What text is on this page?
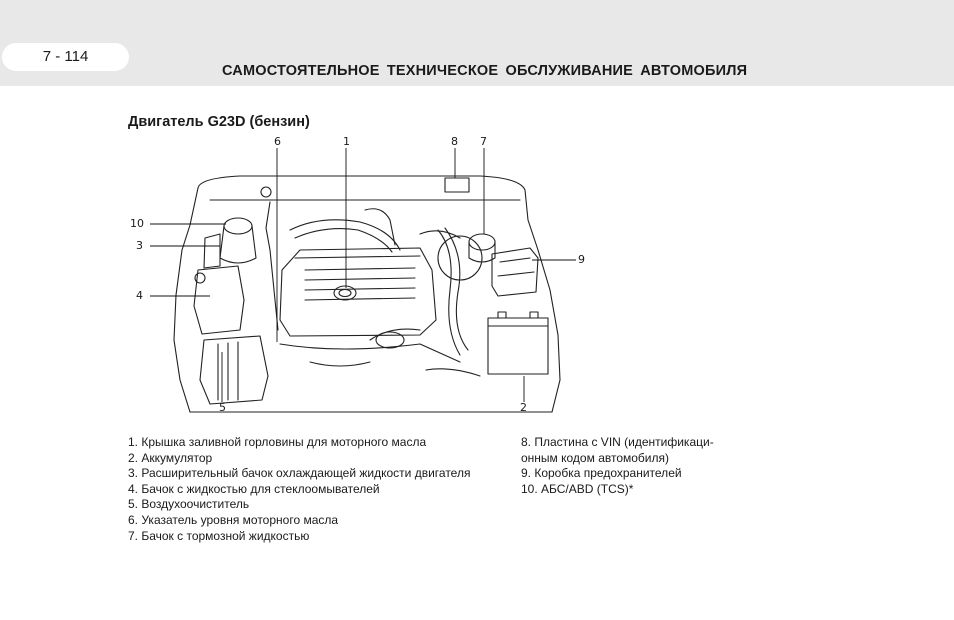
7 - 114
САМОСТОЯТЕЛЬНОЕ ТЕХНИЧЕСКОЕ ОБСЛУЖИВАНИЕ АВТОМОБИЛЯ
Двигатель G23D (бензин)
1
2
3
4
5
6	7
8
9
10
1. Крышка заливной горловины для моторного масла
2. Аккумулятор
3. Расширительный бачок охлаждающей жидкости двигателя
4. Бачок с жидкостью для стеклоомывателей
5. Воздухоочиститель
6. Указатель уровня моторного масла
7. Бачок с тормозной жидкостью
8. Пластина с VIN (идентификаци-
онным кодом автомобиля)
9. Коробка предохранителей
10. АБС/ABD (TCS)*
